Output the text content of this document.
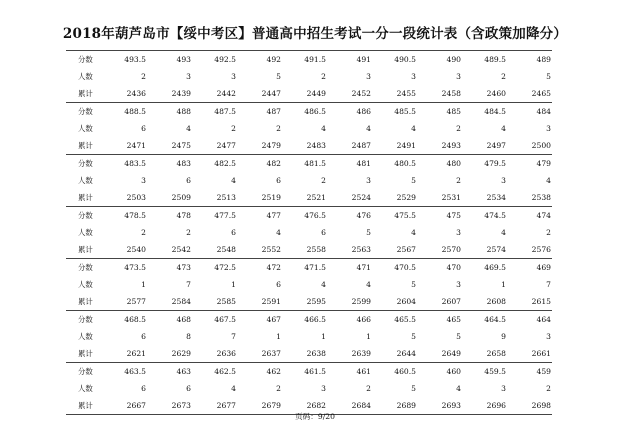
2018年葫芦岛市【绥中考区】普通高中招生考试一分一段统计表（含政策加降分）
分数	493.5	493	492.5	492	491.5	491	490.5	490	489.5	489
人数	2	3	3	5	2	3	3	3	2	5
累计	2436	2439	2442	2447	2449	2452	2455	2458	2460	2465
分数	488.5	488	487.5	487	486.5	486	485.5	485	484.5	484
人数	6	4	2	2	4	4	4	2	4	3
累计	2471	2475	2477	2479	2483	2487	2491	2493	2497	2500
分数	483.5	483	482.5	482	481.5	481	480.5	480	479.5	479
人数	3	6	4	6	2	3	5	2	3	4
累计	2503	2509	2513	2519	2521	2524	2529	2531	2534	2538
分数	478.5	478	477.5	477	476.5	476	475.5	475	474.5	474
人数	2	2	6	4	6	5	4	3	4	2
累计	2540	2542	2548	2552	2558	2563	2567	2570	2574	2576
分数	473.5	473	472.5	472	471.5	471	470.5	470	469.5	469
人数	1	7	1	6	4	4	5	3	1	7
累计	2577	2584	2585	2591	2595	2599	2604	2607	2608	2615
分数	468.5	468	467.5	467	466.5	466	465.5	465	464.5	464
人数	6	8	7	1	1	1	5	5	9	3
累计	2621	2629	2636	2637	2638	2639	2644	2649	2658	2661
分数	463.5	463	462.5	462	461.5	461	460.5	460	459.5	459
人数	6	6	4	2	3	2	5	4	3	2
累计	2667	2673	2677	2679	2682	2684	2689	2693	2696	2698
页码：9/20
